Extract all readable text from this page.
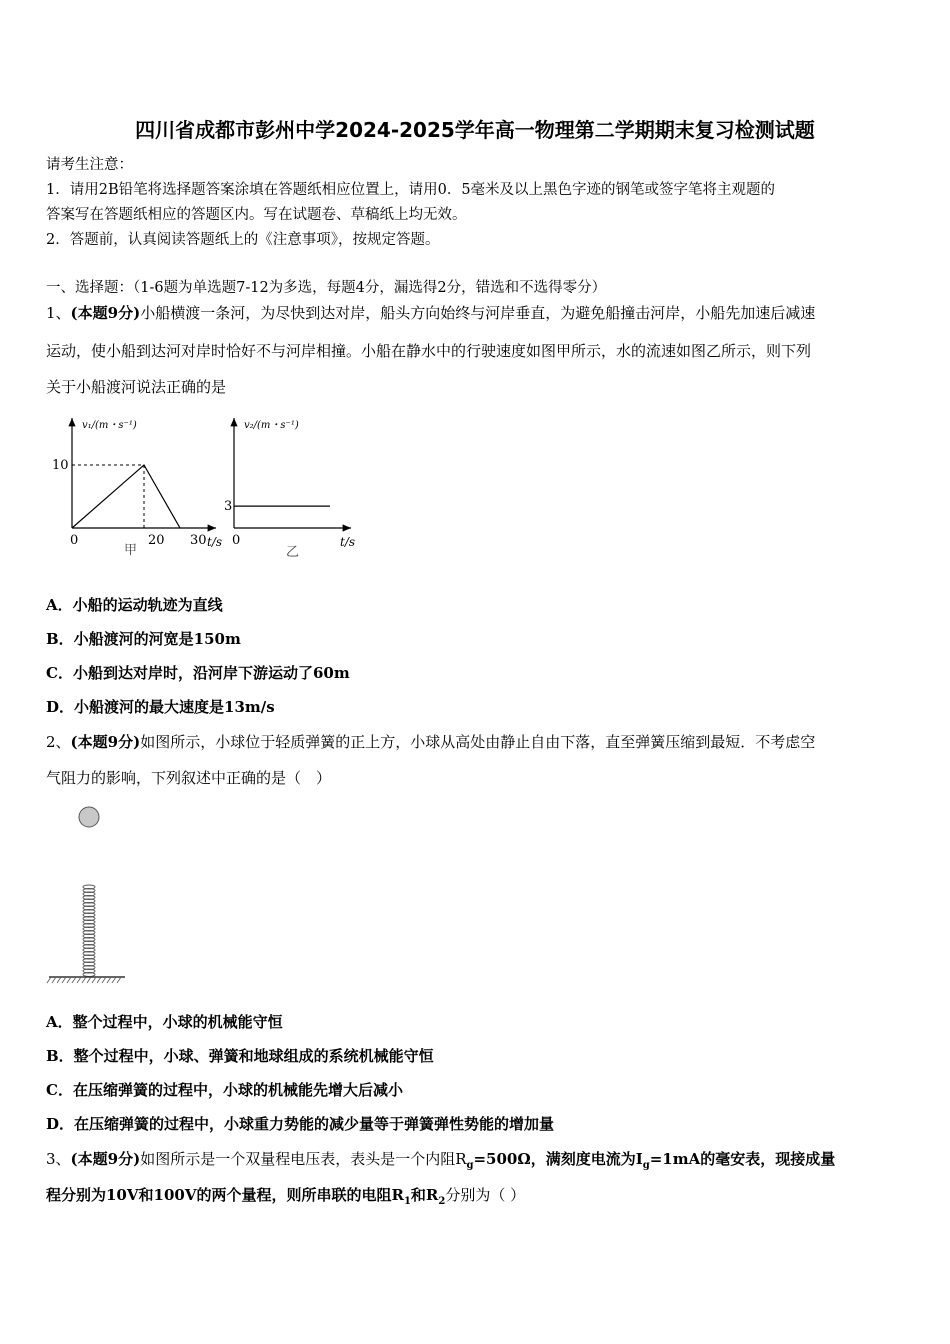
四川省成都市彭州中学2024-2025学年高一物理第二学期期末复习检测试题
请考生注意：
1．请用2B铅笔将选择题答案涂填在答题纸相应位置上，请用0．5毫米及以上黑色字迹的钢笔或签字笔将主观题的
答案写在答题纸相应的答题区内。写在试题卷、草稿纸上均无效。
2．答题前，认真阅读答题纸上的《注意事项》，按规定答题。
一、选择题：（1-6题为单选题7-12为多选，每题4分，漏选得2分，错选和不选得零分）
1、(本题9分)小船横渡一条河，为尽快到达对岸，船头方向始终与河岸垂直，为避免船撞击河岸，小船先加速后减速
运动，使小船到达河对岸时恰好不与河岸相撞。小船在静水中的行驶速度如图甲所示，水的流速如图乙所示，则下列
关于小船渡河说法正确的是
v₁/(m・s⁻¹)
10
0	20 30 t/s
甲
v₂/(m・s⁻¹)
3
0	t/s
乙
A．小船的运动轨迹为直线
B．小船渡河的河宽是150m
C．小船到达对岸时，沿河岸下游运动了60m
D．小船渡河的最大速度是13m/s
2、(本题9分)如图所示，小球位于轻质弹簧的正上方，小球从高处由静止自由下落，直至弹簧压缩到最短．不考虑空
气阻力的影响，下列叙述中正确的是（　）
A．整个过程中，小球的机械能守恒
B．整个过程中，小球、弹簧和地球组成的系统机械能守恒
C．在压缩弹簧的过程中，小球的机械能先增大后减小
D．在压缩弹簧的过程中，小球重力势能的减少量等于弹簧弹性势能的增加量
3、(本题9分)如图所示是一个双量程电压表，表头是一个内阻$R_g=500\Omega$，满刻度电流为$I_g=1mA$的毫安表，现接成量
程分别为10V和100V的两个量程，则所串联的电阻$R_1$和$R_2$分别为（ ）
